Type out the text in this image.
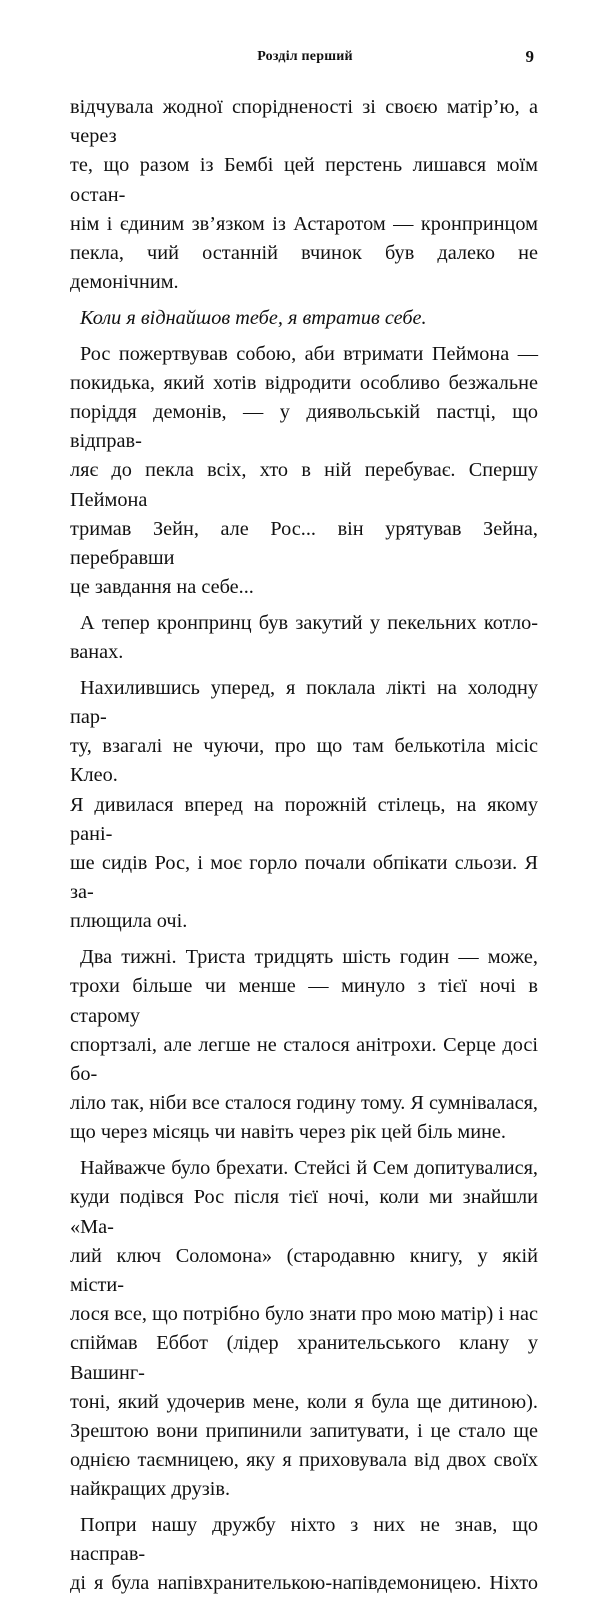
Розділ перший	9
відчувала жодної спорідненості зі своєю матір’ю, а через
те, що разом із Бембі цей перстень лишався моїм остан-
нім і єдиним зв’язком із Астаротом — кронпринцом
пекла, чий останній вчинок був далеко не демонічним.
Коли я віднайшов тебе, я втратив себе.
Рос пожертвував собою, аби втримати Пеймона —
покидька, який хотів відродити особливо безжальне
поріддя демонів, — у диявольській пастці, що відправ-
ляє до пекла всіх, хто в ній перебуває. Спершу Пеймона
тримав Зейн, але Рос... він урятував Зейна, перебравши
це завдання на себе...
А тепер кронпринц був закутий у пекельних котло-
ванах.
Нахилившись уперед, я поклала лікті на холодну пар-
ту, взагалі не чуючи, про що там белькотіла місіс Клео.
Я дивилася вперед на порожній стілець, на якому рані-
ше сидів Рос, і моє горло почали обпікати сльози. Я за-
плющила очі.
Два тижні. Триста тридцять шість годин — може,
трохи більше чи менше — минуло з тієї ночі в старому
спортзалі, але легше не сталося анітрохи. Серце досі бо-
ліло так, ніби все сталося годину тому. Я сумнівалася,
що через місяць чи навіть через рік цей біль мине.
Найважче було брехати. Стейсі й Сем допитувалися,
куди подівся Рос після тієї ночі, коли ми знайшли «Ма-
лий ключ Соломона» (стародавню книгу, у якій місти-
лося все, що потрібно було знати про мою матір) і нас
спіймав Еббот (лідер хранительського клану у Вашинг-
тоні, який удочерив мене, коли я була ще дитиною).
Зрештою вони припинили запитувати, і це стало ще
однією таємницею, яку я приховувала від двох своїх
найкращих друзів.
Попри нашу дружбу ніхто з них не знав, що насправ-
ді я була напівхранителькою-напівдемоницею. Ніхто
